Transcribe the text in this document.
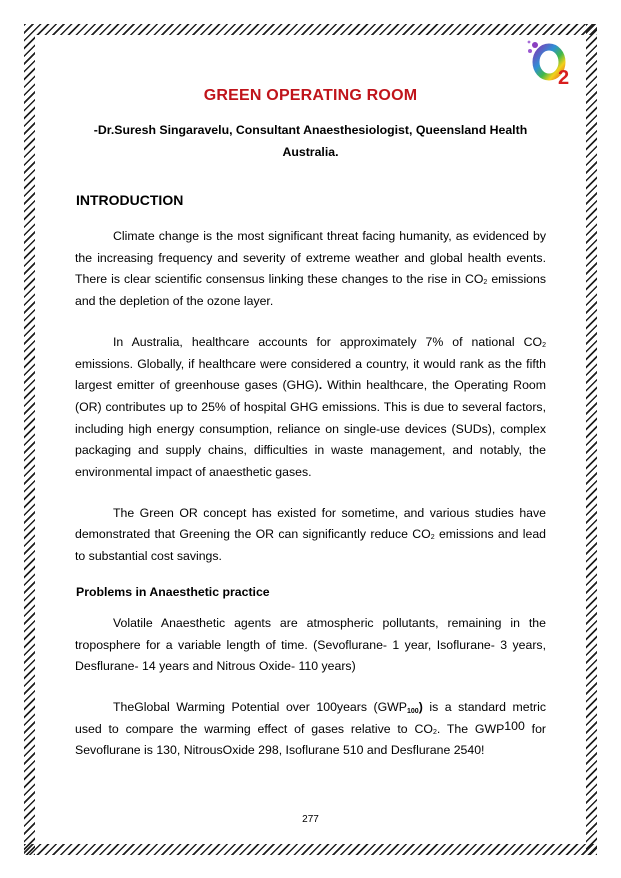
2
GREEN OPERATING ROOM
-Dr.Suresh Singaravelu, Consultant Anaesthesiologist, Queensland Health
Australia.
INTRODUCTION

Climate change is the most significant threat facing humanity, as evidenced by the increasing frequency and severity of extreme weather and global health events. There is clear scientific consensus linking these changes to the rise in $CO_2$ emissions and the depletion of the ozone layer.

In Australia, healthcare accounts for approximately 7% of national $CO_2$ emissions. Globally, if healthcare were considered a country, it would rank as the fifth largest emitter of greenhouse gases (GHG). Within healthcare, the Operating Room (OR) contributes up to 25% of hospital GHG emissions. This is due to several factors, including high energy consumption, reliance on single-use devices (SUDs), complex packaging and supply chains, difficulties in waste management, and notably, the environmental impact of anaesthetic gases.

The Green OR concept has existed for sometime, and various studies have demonstrated that Greening the OR can significantly reduce $CO_2$ emissions and lead to substantial cost savings.

Problems in Anaesthetic practice

Volatile Anaesthetic agents are atmospheric pollutants, remaining in the troposphere for a variable length of time. (Sevoflurane- 1 year, Isoflurane- 3 years, Desflurane- 14 years and Nitrous Oxide- 110 years)

TheGlobal Warming Potential over 100years (GWP100) is a standard metric used to compare the warming effect of gases relative to $CO_2$. The GWP100 for Sevoflurane is 130, NitrousOxide 298, Isoflurane 510 and Desflurane 2540!

277
